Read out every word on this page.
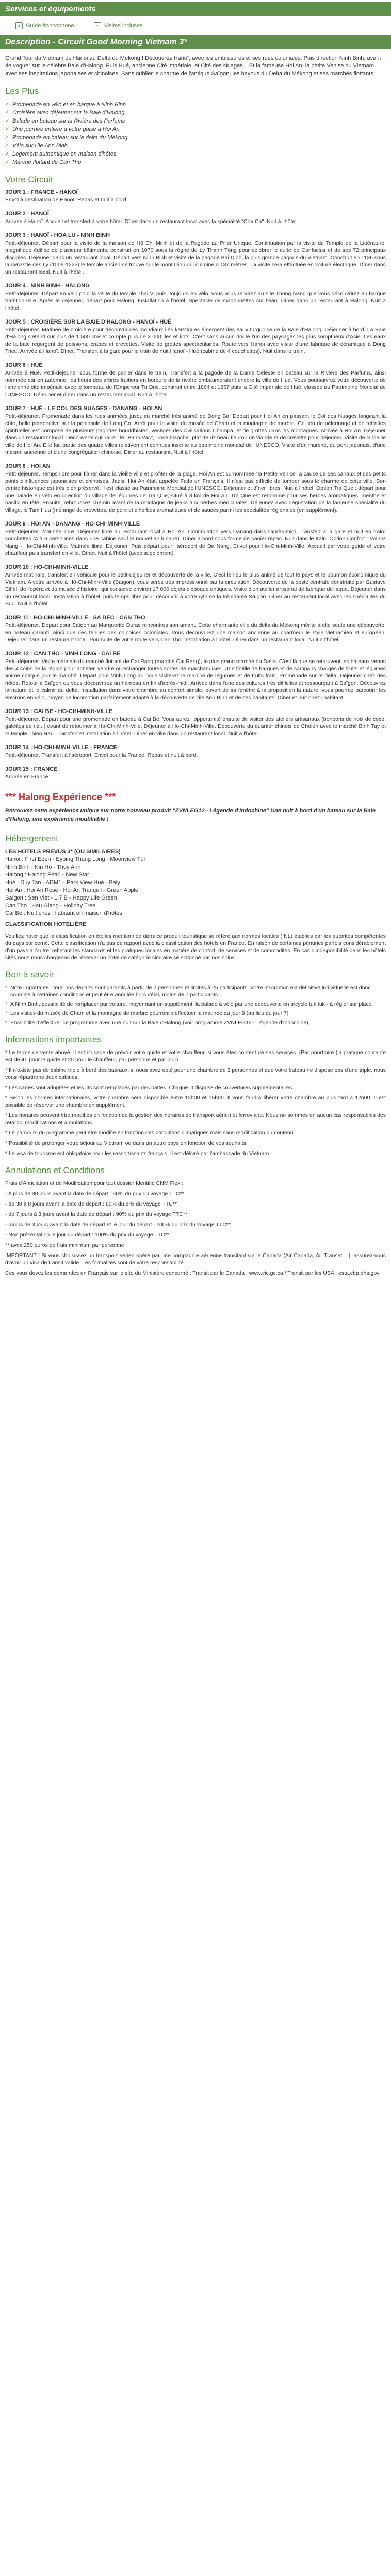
Services et équipements
♦ Guide francophone	⌂ Visites incluses
Description - Circuit Good Morning Vietnam 3*

Grand Tour du Vietnam de Hanoi au Delta du Mékong ! Découvrez Hanoï, avec les embrasures et ses rues coloniales. Puis direction Ninh Binh, avant de voguer sur le célèbre Baie d'Halong. Puis Hué, ancienne Cité impériale, et Cité des Nuages... Et la fameuse Hoi An, la petite Venise du Vietnam avec ses inspirations japonaises et chinoises. Sans oublier le charme de l'antique Saïgon, les bayous du Delta du Mékong et ses marchés flottants !

Les Plus
✓ Promenade en vélo et en barque à Ninh Binh
✓ Croisière avec déjeuner sur la Baie d'Halong
✓ Balade en bateau sur la Rivière des Parfums
✓ Une journée entière à votre guise à Hoi An
✓ Promenade en bateau sur le delta du Mékong
✓ Vélo sur l'île Ann Binh
✓ Logement authentique en maison d'hôtes
✓ Marché flottant de Can Tho
Votre Circuit
JOUR 1 : FRANCE - HANOÏ

Envol à destination de Hanoï. Repas et nuit à bord.

JOUR 2 : HANOÏ

Arrivée à Hanoï. Accueil et transfert à votre hôtel. Dîner dans un restaurant local avec la spécialité "Cha Ca". Nuit à l'hôtel.

JOUR 3 : HANOÏ - HOA LU - NINH BINH

Petit-déjeuner. Départ pour la visite de la maison de Hô Chi Minh et de la Pagode au Pilier Unique. Continuation par la visite du Temple de la Littérature, magnifique édifice de plusieurs bâtiments, construit en 1070 sous la règne de Ly Thanh Tông pour célébrer le culte de Confucius et de ses 72 principaux disciples. Déjeuner dans un restaurant local. Départ vers Ninh Binh et visite de la pagode Bai Dinh, la plus grande pagode du Vietnam. Construit en 1136 sous la dynastie des Ly (1009-1225) le temple ancien se trouve sur le mont Dinh qui culmine à 187 mètres. La visite sera effectuée en voiture électrique. Dîner dans un restaurant local. Nuit à l'hôtel.

JOUR 4 : NINH BINH - HALONG

Petit-déjeuner. Départ en vélo pour la visite du temple Thai Vi puis, toujours en vélo, vous vous rendrez au site Thung Nang que vous découvrirez en barque traditionnelle. Après le déjeuner, départ pour Halong. Installation à l'hôtel. Spectacle de marionnettes sur l'eau. Dîner dans un restaurant à Halong. Nuit à l'hôtel.

JOUR 5 : CROISIÈRE SUR LA BAIE D'HALONG - HANOÏ - HUÉ

Petit-déjeuner. Matinée de croisière pour découvrir ces mondiaux îles karstiques émergent des eaux turquoise de la Baie d'Halong. Déjeuner à bord. La Baie d'Halong s'étend sur plus de 1 500 km² et compte plus de 3 000 îles et îlots. C'est sans aucun doute l'un des paysages les plus somptueux d'Asie. Les eaux de la baie regorgent de poissons, crabes et crevettes. Visite de grottes spectaculaires. Route vers Hanoï avec visite d'une fabrique de céramique à Dong Trieu. Arrivée à Hanoï. Dîner. Transfert à la gare pour le train de nuit Hanoï - Hué (cabine de 4 couchettes). Nuit dans le train.

JOUR 6 : HUÉ

Arrivée à Hué. Petit-déjeuner sous forme de panier dans le train. Transfert à la pagode de la Dame Céleste en bateau sur la Rivière des Parfums, ainsi nommée car en automne, les fleurs des arbres fruitiers en bordure de la rivière embaumeraient encore la ville de Hué. Vous poursuivrez votre découverte de l'ancienne cité impériale avec le tombeau de l'Empereur Tu Duc, construit entre 1864 et 1867 puis la Cité Impériale de Hué, classée au Patrimoine Mondial de l'UNESCO. Déjeuner et dîner dans un restaurant local. Nuit à l'hôtel.

JOUR 7 : HUÉ - LE COL DES NUAGES - DANANG - HOI AN

Petit-déjeuner. Promenade dans les rues animées jusqu'au marché très animé de Dong Ba. Départ pour Hoi An en passant le Col des Nuages longeant la côte, belle perspective sur la péninsule de Lang Co. Arrêt pour la visite du musée de Cham et la montagne de marbre. Ce lieu de pèlerinage et de retraites spirituelles est composé de plusieurs pagodes bouddhistes, vestiges des civilisations Champa, et de grottes dans les montagnes. Arrivée à Hoi An. Déjeuner dans un restaurant local. Découverte culinaire : le "Banh Vac", "rose blanche" plat de riz beau fleuron de viande et de crevette pour déjeuner. Visite de la vieille ville de Hoi An. Elle fait partie des quatre villes relativement connues inscrite au patrimoine mondial de l'UNESCO. Visite d'un marché, du pont japonais, d'une maison ancienne et d'une congrégation chinoise. Dîner au restaurant. Nuit à l'hôtel.

JOUR 8 : HOI AN

Petit-déjeuner. Temps libre pour flâner dans la vieille ville et profiter de la plage. Hoi An est surnommée "la Petite Venise" à cause de ses canaux et ses petits ponts d'influences japonaises et chinoises. Jadis, Hoi An était appelée Faifo en Français. Il n'est pas difficile de tomber sous le charme de cette ville. Son centre historique est très bien préservé, il est classé au Patrimoine Mondial de l'UNESCO. Déjeuner et dîner libres. Nuit à l'hôtel. Option Tra Que : départ pour une balade en vélo en direction du village de légumes de Tra Que, situé à 3 km de Hoi An. Tra Que est renommé pour ses herbes aromatiques, menthe et basilic en tête. Ensuite, rebroussez chemin avant de la montagne de jeaks aux herbes médicinales. Déjeunez avec dégustation de la fameuse spécialité du village, le Tam Huu (mélange de crevettes, de porc et d'herbes aromatiques et de sauces parmi les spécialités régionales (en supplément).

JOUR 9 : HOI AN - DANANG - HO-CHI-MINH-VILLE

Petit-déjeuner. Matinée libre. Déjeuner libre au restaurant local à Hoi An. Continuation vers Danang dans l'après-midi. Transfert à la gare et nuit en train-couchettes (4 à 6 personnes dans une cabine sauf le nouvel an lunaire). Dîner à bord sous forme de panier repas. Nuit dans le train. Option Confort : Vol Da Nang - Ho-Chi-Minh-Ville. Matinée libre. Déjeuner. Puis départ pour l'aéroport de Da Nang. Envol pour Ho-Chi-Minh-Ville. Accueil par votre guide et votre chauffeur puis transfert en ville. Dîner. Nuit à l'hôtel (avec supplément).

JOUR 10 : HO-CHI-MINH-VILLE

Arrivée matinale, transfert en véhicule pour le petit-déjeuner et découverte de la ville. C'est le lieu le plus animé de tout le pays et le poumon économique du Vietnam. A votre arrivée à Hô-Chi-Minh-Ville (Saïgon), vous serez très impressionné par la circulation. Découverte de la poste centrale construite par Gustave Eiffel, de l'opéra et du musée d'histoire, qui conserve environ 17 000 objets d'époque antiques. Visite d'un atelier artisanal de fabrique de laque. Déjeuner dans un restaurant local. Installation à l'hôtel, puis temps libre pour découvrir à votre rythme la trépidante Saïgon. Dîner au restaurant local avec les spécialités du Sud. Nuit à l'hôtel.

JOUR 11 : HO-CHI-MINH-VILLE - SA DEC - CAN THO

Petit-déjeuner. Départ pour Saïgon au Marguerite Duras rencontres son amant. Cette charmante ville du delta du Mékong mérite à elle seule une découverte, en bateau garanti, ainsi que des tenues des chinoises coloniales. Vous découvrirez une maison ancienne au charmeur le style vietnamien et européen. Déjeuner dans un restaurant local. Poursuite de votre route vers Can Tho. Installation à l'hôtel. Dîner dans un restaurant local. Nuit à l'hôtel.

JOUR 12 : CAN THO - VINH LONG - CAI BE

Petit-déjeuner. Visite matinale du marché flottant de Cai Rang (marché Cai Rang), le plus grand marché du Delta. C'est là que se retrouvent les bateaux venus des 4 coins de la région pour acheter, vendre ou échanger toutes sortes de marchandises. Une flotille de barques et de sampans chargés de fruits et légumes animé chaque jour le marché. Départ pour Vinh Long au nous visiterez le marché de légumes et de fruits frais. Promenade sur le delta. Déjeuner chez des hôtes. Retour à Saïgon ou vous découvrirez un hameau en fin d'après-midi. Arrivée dans l'une des cultures très difficiles et ressourçant à Saïgon. Découvrez la nature et le calme du delta. Installation dans votre chambre au confort simple, ouvert de sa fenêtre à la proposition la nature, vous pourrez parcourir les environs en vélo, moyen de locomotion parfaitement adapté à la découverte de l'île Anh Binh et de ses habitants. Dîner et nuit chez l'habitant.

JOUR 13 : CAI BE - HO-CHI-MINH-VILLE

Petit-déjeuner. Départ pour une promenade en bateau à Cai Be. Vous aurez l'opportunité ensuite de visiter des ateliers artisanaux (bonbons de noix de coco, galettes de riz...) avant de retourner à Ho-Chi-Minh-Ville. Déjeuner à Ho-Chi-Minh-Ville. Découverte du quartier chinois de Cholon avec le marché Binh Tay et le temple Thien Hau. Transfert et installation à l'hôtel. Dîner en ville dans un restaurant local. Nuit à l'hôtel.

JOUR 14 : HO-CHI-MINH-VILLE - FRANCE

Petit-déjeuner. Transfert à l'aéroport. Envol pour la France. Repas et nuit à bord.

JOUR 15 : FRANCE

Arrivée en France.

*** Halong Expérience ***
Retrouvez cette expérience unique sur notre nouveau produit "ZVNLEG12 - Légende d'Indochine" Une nuit à bord d'un bateau sur la Baie d'Halong, une expérience inoubliable !
Hébergement
LES HOTELS PREVUS 3* (OU SIMILAIRES)
Hanoï : First Eden - Eyping Thang Long - Moonview Tql
Ninh Binh : Nin Hô - Thuy Anh
Halong : Halong Pearl - New Star
Hué : Duy Tan - ADM1 - Park View Hué - Baly
Hoi An : Hoi An Rose - Hoi An Tranquil - Green Apple
Saïgon : Sen Viet - 1,7 B - Happy Life Green
Can Tho : Hau Giang - Holiday Tree
Cai Be : Nuit chez l'habitant en maison d'hôtes
CLASSIFICATION HOTELIÈRE

Veuillez noter que la classification en étoiles mentionnée dans ce produit touristique se réfère aux normes locales ( NL) établies par les autorités compétentes du pays concerné. Cette classification n'a pas de rapport avec la classification des hôtels en France. En raison de certaines pénuries parfois considérablement d'un pays à l'autre, reflétant les standards et les pratiques locales en matière de confort, de services et de commodités. En cas d'indisponibilité dans les hôtels cités nous nous chargeons de réserver un hôtel de catégorie similaire sélectionné par nos soins.

Bon à savoir
* Note importante : tous nos départs sont garantis à partir de 2 personnes et limités à 25 participants. Votre inscription est définitive individuelle est donc soumise à certaines conditions et peut être annulée hors délai, moins de 7 participants.
* A Ninh Binh, possibilité de remplacer par voiture, moyennant un supplément, la balade à vélo par une découverte en tricycle tuk tuk - à régler sur place.
* Les visites du musée de Cham et la montagne de marbre pourront s'effectuer la matinée du jour 9 (au lieu du jour 7)
* Possibilité d'effectuer ce programme avec une nuit sur la Baie d'Halong (voir programme ZVNLEG12 - Légende d'Indochine)
Informations importantes

* Le terme de vente aboyé. Il est d'usage de prévoir votre guide et votre chauffeur, si vous êtes content de ses services. (Par pourboire (la pratique courante est de 4€ pour le guide et 2€ pour le chauffeur, par personne et par jour)

* Il n'existe pas de cabine triple à bord des bateaux, si nous avez opté pour une chambre de 3 personnes et que votre bateau ne dispose pas d'une triple, nous vous répartirons deux cabines.

* Les cartes sont adoptées et les lits sont remplacés par des nattes. Chaque lit dispose de couvertures supplémentaires.

* Selon les normes internationales, votre chambre sera disponible entre 12h00 et 15h00. Il vous faudra libérer votre chambre au plus tard à 12h00. Il est possible de réserver une chambre en supplément.

* Les horaires peuvent être modifiés en fonction de la gestion des horaires de transport aérien et ferroviaire. Nous ne sommes en aucun cas responsables des retards, modifications et annulations.

* Le parcours du programme peut être modifié en fonction des conditions climatiques mais sans modification du contenu.

* Possibilité de prolonger votre séjour au Vietnam ou dans un autre pays en fonction de vos souhaits.

* Le visa de tourisme est obligatoire pour les ressortissants français. Il est délivré par l'ambassade du Vietnam.

Annulations et Conditions

Frais d'Annulation et de Modification pour tout dossier Identifié CNM Flex :

- A plus de 30 jours avant la date de départ : 60% du prix du voyage TTC**

- de 30 à 8 jours avant la date de départ : 80% du prix du voyage TTC**

- de 7 jours à 3 jours avant la date de départ : 90% du prix du voyage TTC**

- moins de 3 jours avant la date de départ et le jour du départ : 100% du prix du voyage TTC**

- Non présentation le jour du départ : 100% du prix du voyage TTC**

** avec 250 euros de frais minimum par personne

IMPORTANT ! Si vous choisissez un transport aérien opéré par une compagnie aérienne transitant via le Canada (Air Canada, Air Transat ...), assurez-vous d'avoir un visa de transit valide. Les formalités sont de votre responsabilité.

Ces vous devez les demandes en Français sur le site du Ministère concerné : Transit par le Canada : www.cic.gc.ca / Transit par les USA : esta.cbp.dhs.gov
